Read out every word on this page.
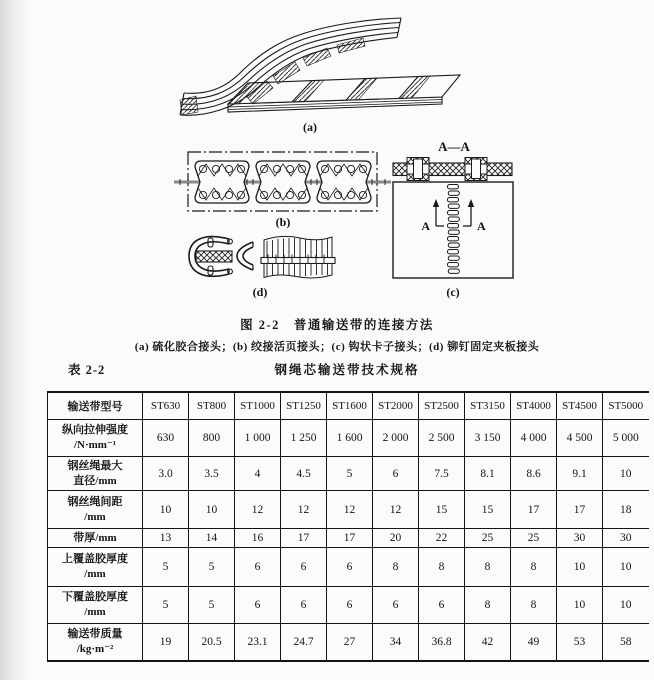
(a)
(b)
(d)
A—A
A	A
(c)
图 2-2　普通输送带的连接方法
(a) 硫化胶合接头；(b) 绞接活页接头；(c) 钩状卡子接头；(d) 铆钉固定夹板接头
表 2-2	钢绳芯输送带技术规格
输送带型号	ST630	ST800	ST1000	ST1250	ST1600	ST2000	ST2500	ST3150	ST4000	ST4500	ST5000

纵向拉伸强度
/N·mm⁻¹	630	800	1 000	1 250	1 600	2 000	2 500	3 150	4 000	4 500	5 000

钢丝绳最大
直径/mm	3.0	3.5	4	4.5	5	6	7.5	8.1	8.6	9.1	10

钢丝绳间距
/mm	10	10	12	12	12	12	15	15	17	17	18

带厚/mm	13	14	16	17	17	20	22	25	25	30	30

上覆盖胶厚度
/mm	5	5	6	6	6	8	8	8	8	10	10

下覆盖胶厚度
/mm	5	5	6	6	6	6	6	8	8	10	10

输送带质量
/kg·m⁻²	19	20.5	23.1	24.7	27	34	36.8	42	49	53	58
